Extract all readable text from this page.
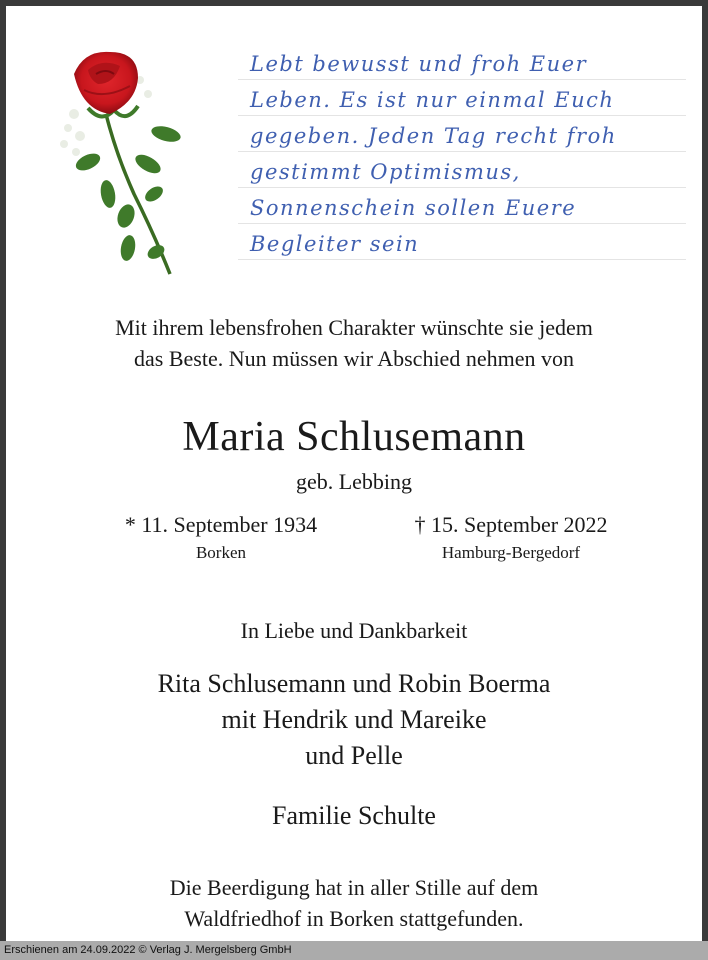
Lebt bewusst und froh Euer
Leben. Es ist nur einmal Euch
gegeben. Jeden Tag recht froh
gestimmt Optimismus,
Sonnenschein sollen Euere
Begleiter sein
Mit ihrem lebensfrohen Charakter wünschte sie jedem
das Beste. Nun müssen wir Abschied nehmen von
Maria Schlusemann
geb. Lebbing
* 11. September 1934
Borken
† 15. September 2022
Hamburg-Bergedorf
In Liebe und Dankbarkeit
Rita Schlusemann und Robin Boerma
mit Hendrik und Mareike
und Pelle
Familie Schulte
Die Beerdigung hat in aller Stille auf dem
Waldfriedhof in Borken stattgefunden.
Erschienen am 24.09.2022 © Verlag J. Mergelsberg GmbH
